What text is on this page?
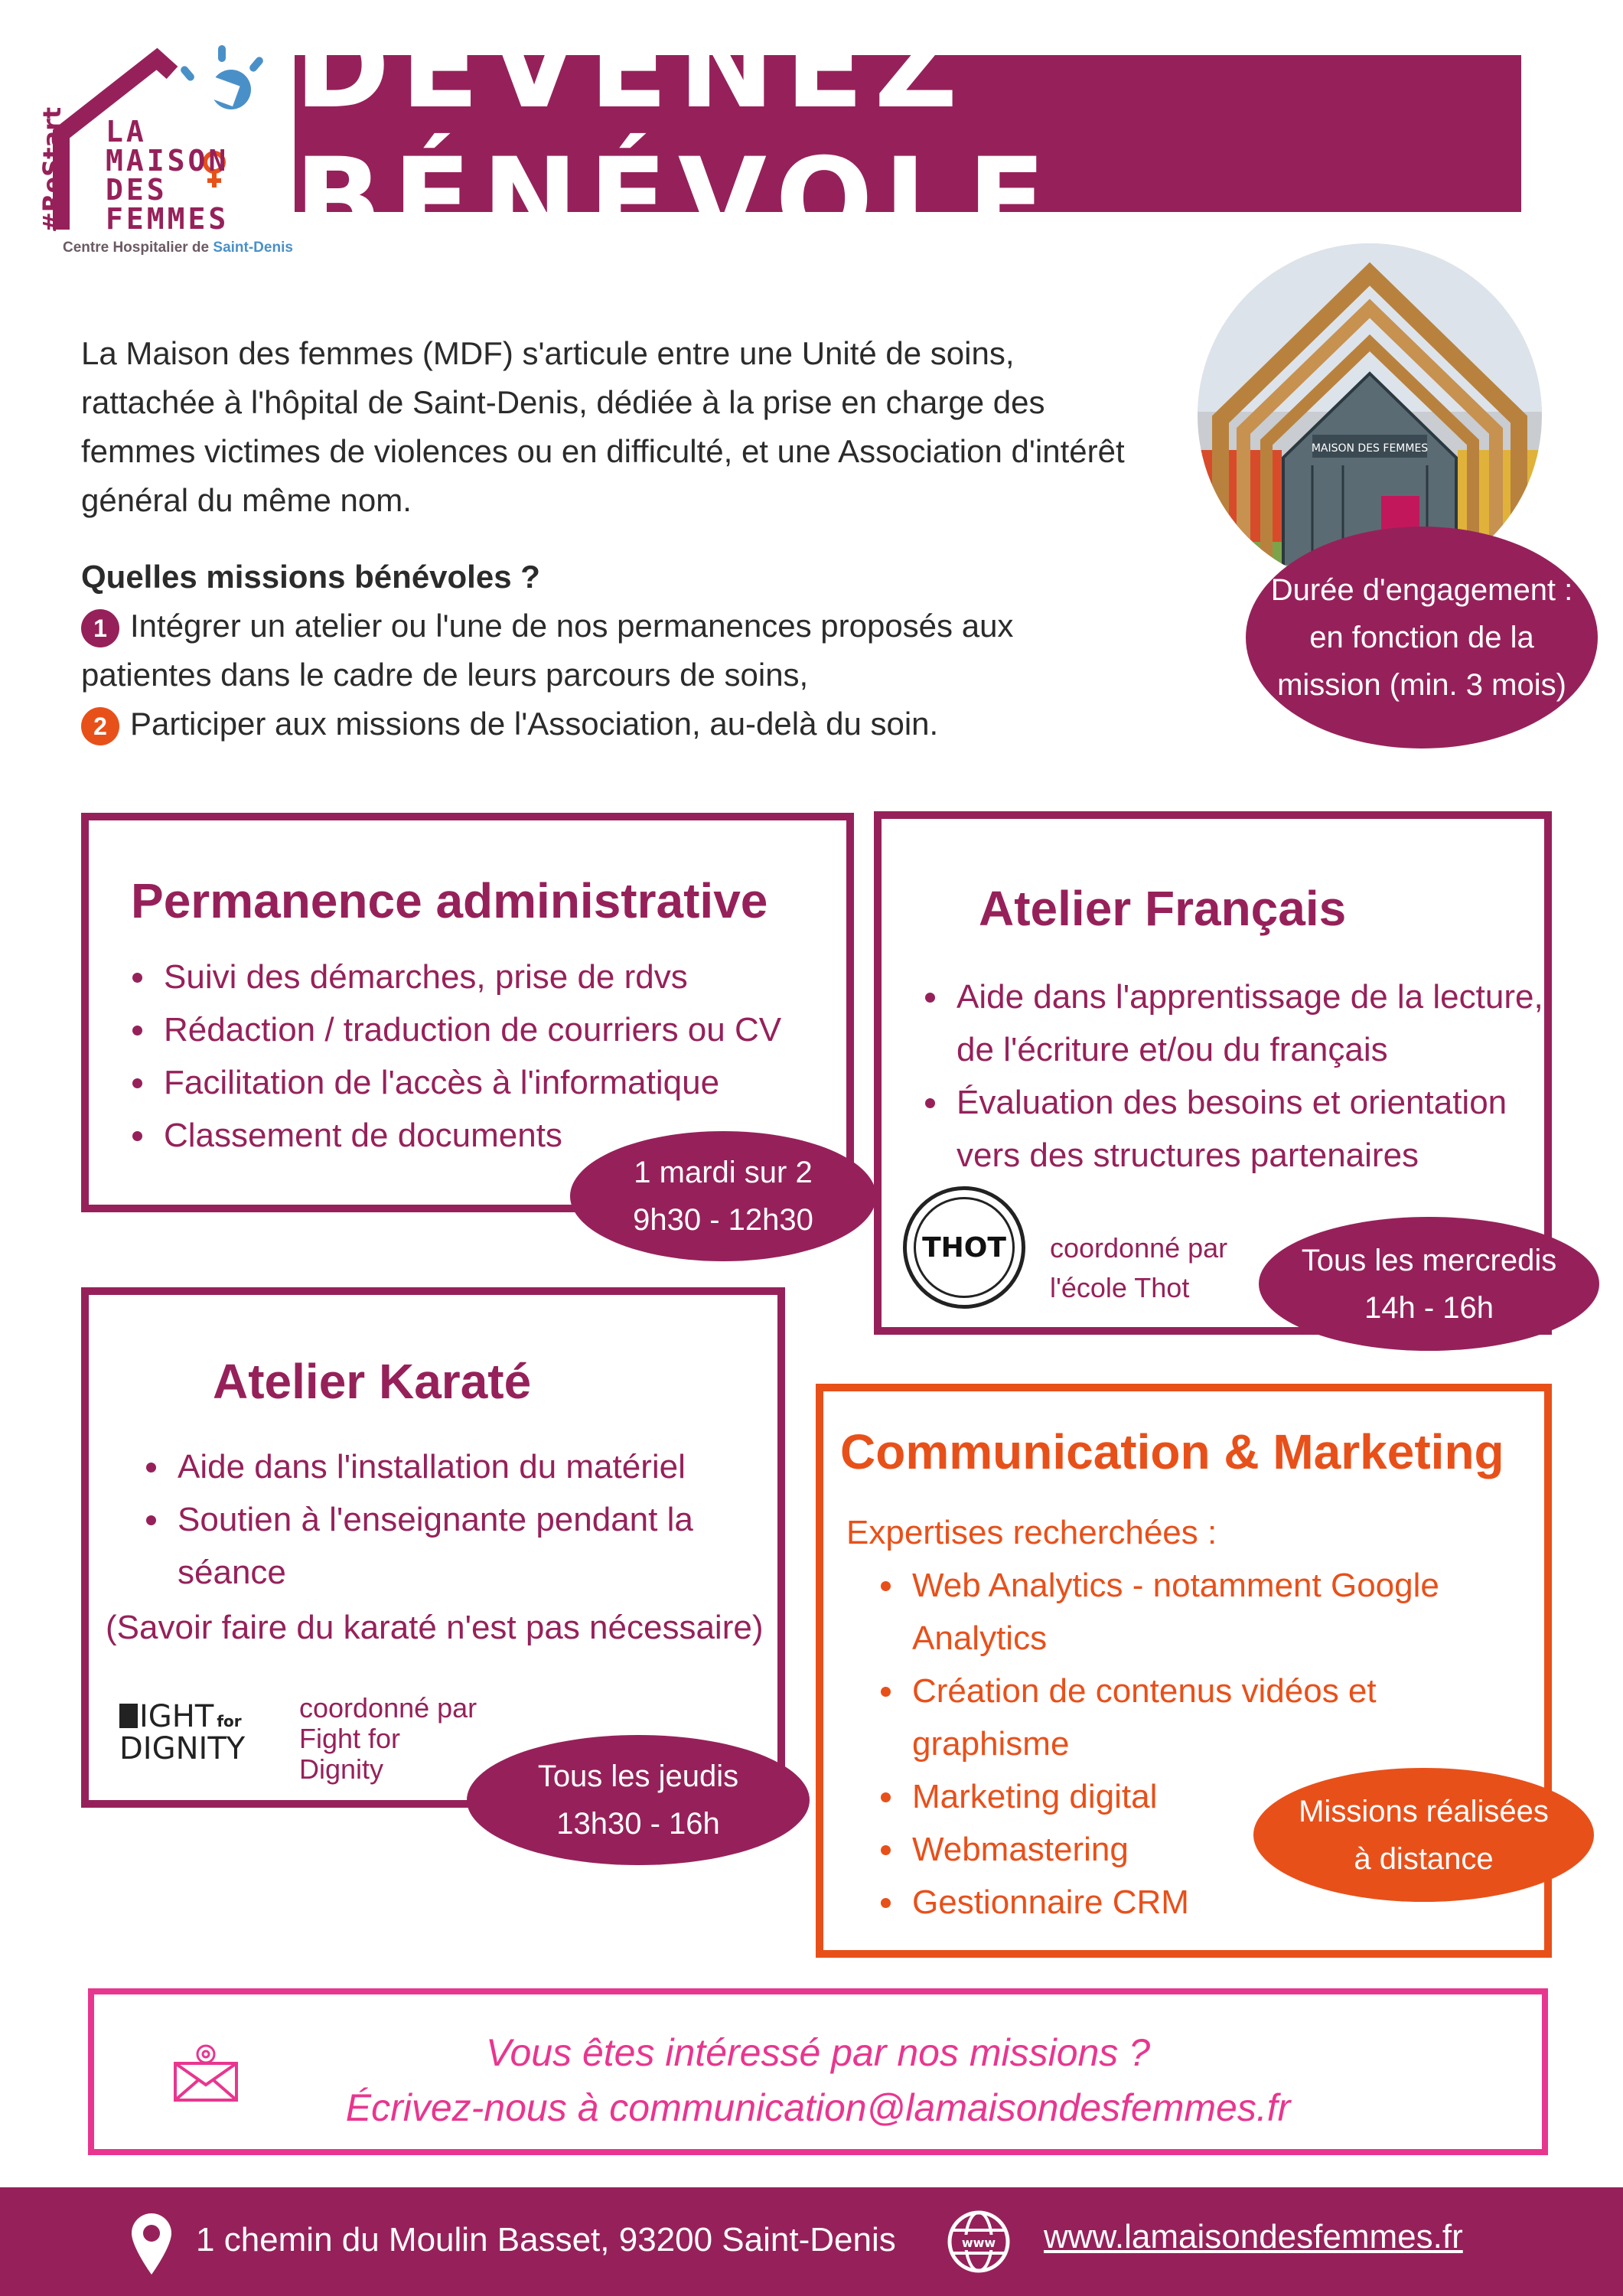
#ReStart LA
MAISON
DES
FEMMES
Centre Hospitalier de Saint-Denis
DEVENEZ BÉNÉVOLE

La Maison des femmes (MDF) s'articule entre une Unité de soins, rattachée à l'hôpital de Saint-Denis, dédiée à la prise en charge des femmes victimes de violences ou en difficulté, et une Association d'intérêt général du même nom.

Quelles missions bénévoles ?

1 Intégrer un atelier ou l'une de nos permanences proposés aux patientes dans le cadre de leurs parcours de soins,

2 Participer aux missions de l'Association, au-delà du soin.

MAISON DES FEMMES
Durée d'engagement :
en fonction de la
mission (min. 3 mois)
Permanence administrative
• Suivi des démarches, prise de rdvs
• Rédaction / traduction de courriers ou CV
• Facilitation de l'accès à l'informatique
• Classement de documents
1 mardi sur 2
9h30 - 12h30
Atelier Français
• Aide dans l'apprentissage de la lecture, de l'écriture et/ou du français
• Évaluation des besoins et orientation vers des structures partenaires
THOT	coordonné par
l'école Thot
Tous les mercredis
14h - 16h
Atelier Karaté
• Aide dans l'installation du matériel
• Soutien à l'enseignante pendant la séance
(Savoir faire du karaté n'est pas nécessaire)
IGHT for
DIGNITY
coordonné par
Fight for
Dignity	Tous les jeudis
13h30 - 16h
Communication & Marketing
Expertises recherchées :
• Web Analytics - notamment Google Analytics
• Création de contenus vidéos et graphisme
• Marketing digital
• Webmastering
• Gestionnaire CRM
Missions réalisées
à distance
Vous êtes intéressé par nos missions ?
Écrivez-nous à communication@lamaisondesfemmes.fr
1 chemin du Moulin Basset, 93200 Saint-Denis	www www.lamaisondesfemmes.fr
